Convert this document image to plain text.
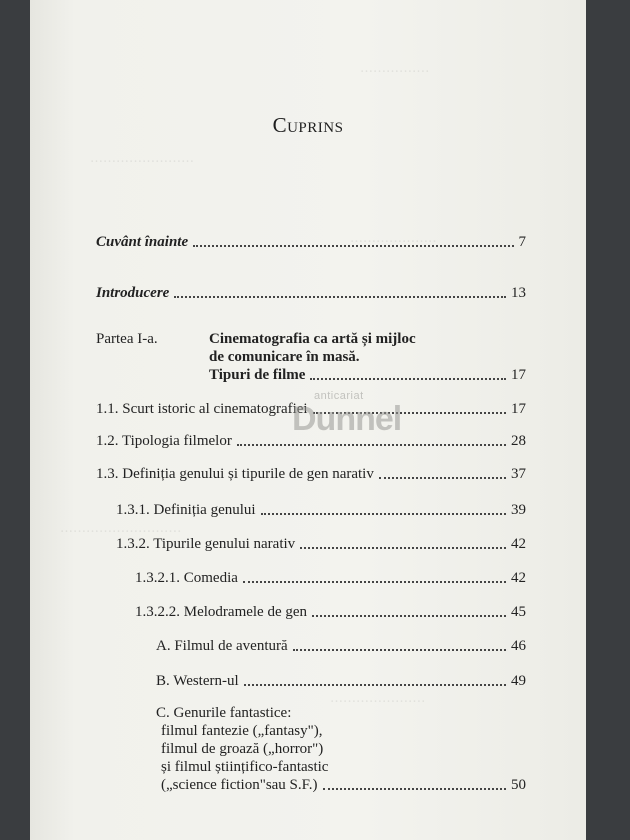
‥‥‥‥‥‥‥‥
‥‥‥‥‥‥‥‥‥‥‥‥
‥‥‥‥‥‥‥‥‥‥
‥‥‥‥‥‥‥‥‥‥‥‥‥‥
‥‥‥‥‥‥‥‥‥‥‥
Cuprins
Cuvânt înainte	7
Introducere	13
Partea I-a.	Cinematografia ca artă și mijloc
de comunicare în masă.
Tipuri de filme	17
1.1. Scurt istoric al cinematografiei	17
1.2. Tipologia filmelor	28
1.3. Definiția genului și tipurile de gen narativ	37
1.3.1. Definiția genului	39
1.3.2. Tipurile genului narativ	42
1.3.2.1. Comedia	42
1.3.2.2. Melodramele de gen	45
A. Filmul de aventură	46
B. Western-ul	49
C. Genurile fantastice:
filmul fantezie („fantasy"),
filmul de groază („horror")
și filmul științifico-fantastic
(„science fiction"sau S.F.)	50
anticariat
Dunnel
